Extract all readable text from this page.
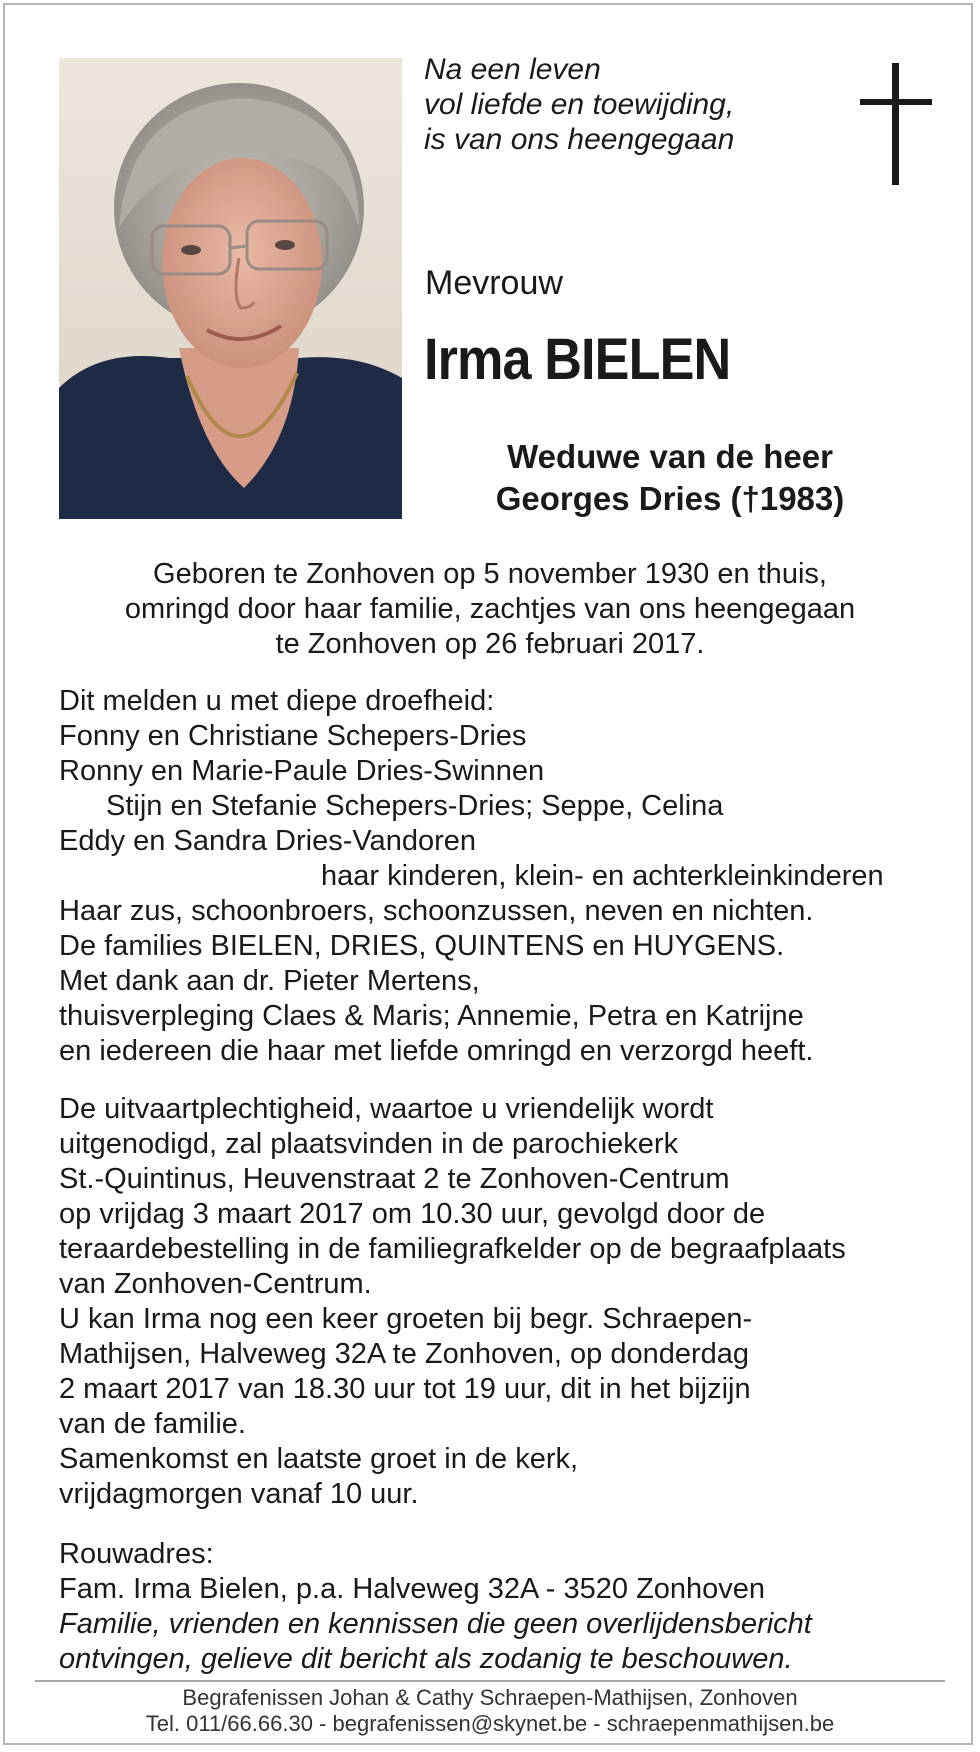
Na een leven
vol liefde en toewijding,
is van ons heengegaan
Mevrouw
Irma BIELEN
Weduwe van de heer
Georges Dries (†1983)
Geboren te Zonhoven op 5 november 1930 en thuis,
omringd door haar familie, zachtjes van ons heengegaan
te Zonhoven op 26 februari 2017.
Dit melden u met diepe droefheid:
Fonny en Christiane Schepers-Dries
Ronny en Marie-Paule Dries-Swinnen
Stijn en Stefanie Schepers-Dries; Seppe, Celina
Eddy en Sandra Dries-Vandoren
haar kinderen, klein- en achterkleinkinderen
Haar zus, schoonbroers, schoonzussen, neven en nichten.
De families BIELEN, DRIES, QUINTENS en HUYGENS.
Met dank aan dr. Pieter Mertens,
thuisverpleging Claes & Maris; Annemie, Petra en Katrijne
en iedereen die haar met liefde omringd en verzorgd heeft.
De uitvaartplechtigheid, waartoe u vriendelijk wordt
uitgenodigd, zal plaatsvinden in de parochiekerk
St.-Quintinus, Heuvenstraat 2 te Zonhoven-Centrum
op vrijdag 3 maart 2017 om 10.30 uur, gevolgd door de
teraardebestelling in de familiegrafkelder op de begraafplaats
van Zonhoven-Centrum.
U kan Irma nog een keer groeten bij begr. Schraepen-
Mathijsen, Halveweg 32A te Zonhoven, op donderdag
2 maart 2017 van 18.30 uur tot 19 uur, dit in het bijzijn
van de familie.
Samenkomst en laatste groet in de kerk,
vrijdagmorgen vanaf 10 uur.
Rouwadres:
Fam. Irma Bielen, p.a. Halveweg 32A - 3520 Zonhoven
Familie, vrienden en kennissen die geen overlijdensbericht
ontvingen, gelieve dit bericht als zodanig te beschouwen.
Begrafenissen Johan & Cathy Schraepen-Mathijsen, Zonhoven
Tel. 011/66.66.30 - begrafenissen@skynet.be - schraepenmathijsen.be
